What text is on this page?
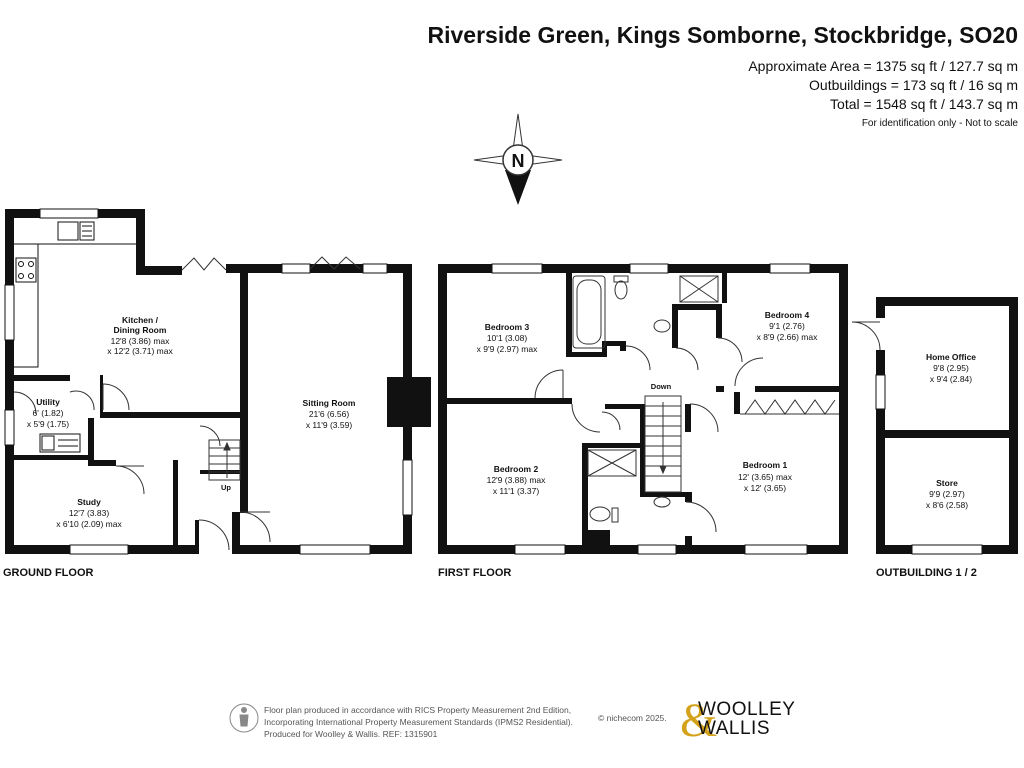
Riverside Green, Kings Somborne, Stockbridge, SO20
Approximate Area = 1375 sq ft / 127.7 sq m
Outbuildings = 173 sq ft / 16 sq m
Total = 1548 sq ft / 143.7 sq m
For identification only - Not to scale
N
Kitchen /
Dining Room
12'8 (3.86) max
x 12'2 (3.71) max
Sitting Room
21'6 (6.56)
x 11'9 (3.59)
Utility
6' (1.82)
x 5'9 (1.75)
Study
12'7 (3.83)
x 6'10 (2.09) max
Up
Bedroom 3
10'1 (3.08)
x 9'9 (2.97) max
Bedroom 4
9'1 (2.76)
x 8'9 (2.66) max
Bedroom 2
12'9 (3.88) max
x 11'1 (3.37)
Bedroom 1
12' (3.65) max
x 12' (3.65)
Down
Home Office
9'8 (2.95)
x 9'4 (2.84)
Store
9'9 (2.97)
x 8'6 (2.58)
GROUND FLOOR	FIRST FLOOR	OUTBUILDING 1 / 2
Floor plan produced in accordance with RICS Property Measurement 2nd Edition,
Incorporating International Property Measurement Standards (IPMS2 Residential).
Produced for Woolley & Wallis. REF: 1315901
© nichecom 2025. &
WOOLLEY
WALLIS
